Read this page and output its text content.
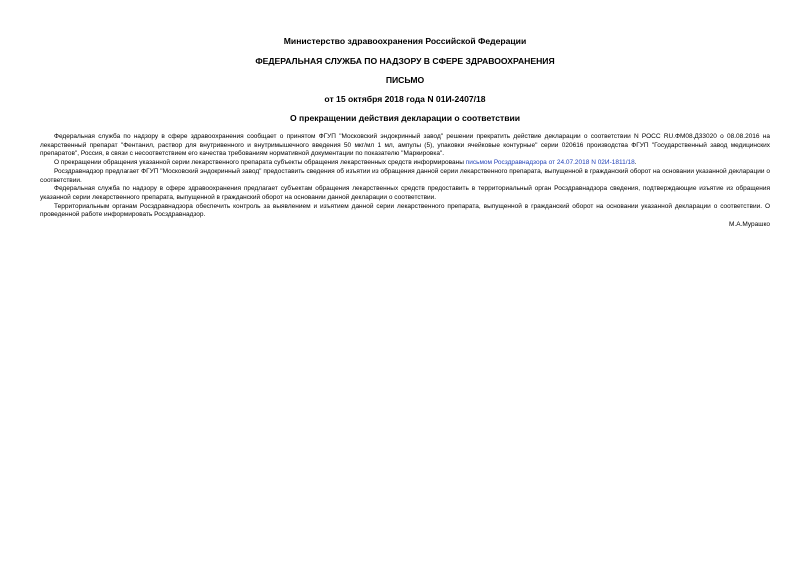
Министерство здравоохранения Российской Федерации
ФЕДЕРАЛЬНАЯ СЛУЖБА ПО НАДЗОРУ В СФЕРЕ ЗДРАВООХРАНЕНИЯ
ПИСЬМО
от 15 октября 2018 года N 01И-2407/18
О прекращении действия декларации о соответствии

Федеральная служба по надзору в сфере здравоохранения сообщает о принятом ФГУП "Московский эндокринный завод" решении прекратить действие декларации о соответствии N РОСС RU.ФМ08.Д33020 о 08.08.2016 на лекарственный препарат "Фентанил, раствор для внутривенного и внутримышечного введения 50 мкг/мл 1 мл, ампулы (5), упаковки ячейковые контурные" серии 020616 производства ФГУП "Государственный завод медицинских препаратов", Россия, в связи с несоответствием его качества требованиям нормативной документации по показателю "Маркировка".

О прекращении обращения указанной серии лекарственного препарата субъекты обращения лекарственных средств информированы письмом Росздравнадзора от 24.07.2018 N 02И-1811/18.

Росздравнадзор предлагает ФГУП "Московский эндокринный завод" предоставить сведения об изъятии из обращения данной серии лекарственного препарата, выпущенной в гражданский оборот на основании указанной декларации о соответствии.

Федеральная служба по надзору в сфере здравоохранения предлагает субъектам обращения лекарственных средств предоставить в территориальный орган Росздравнадзора сведения, подтверждающие изъятие из обращения указанной серии лекарственного препарата, выпущенной в гражданский оборот на основании данной декларации о соответствии.

Территориальным органам Росздравнадзора обеспечить контроль за выявлением и изъятием данной серии лекарственного препарата, выпущенной в гражданский оборот на основании указанной декларации о соответствии. О проведенной работе информировать Росздравнадзор.

М.А.Мурашко
